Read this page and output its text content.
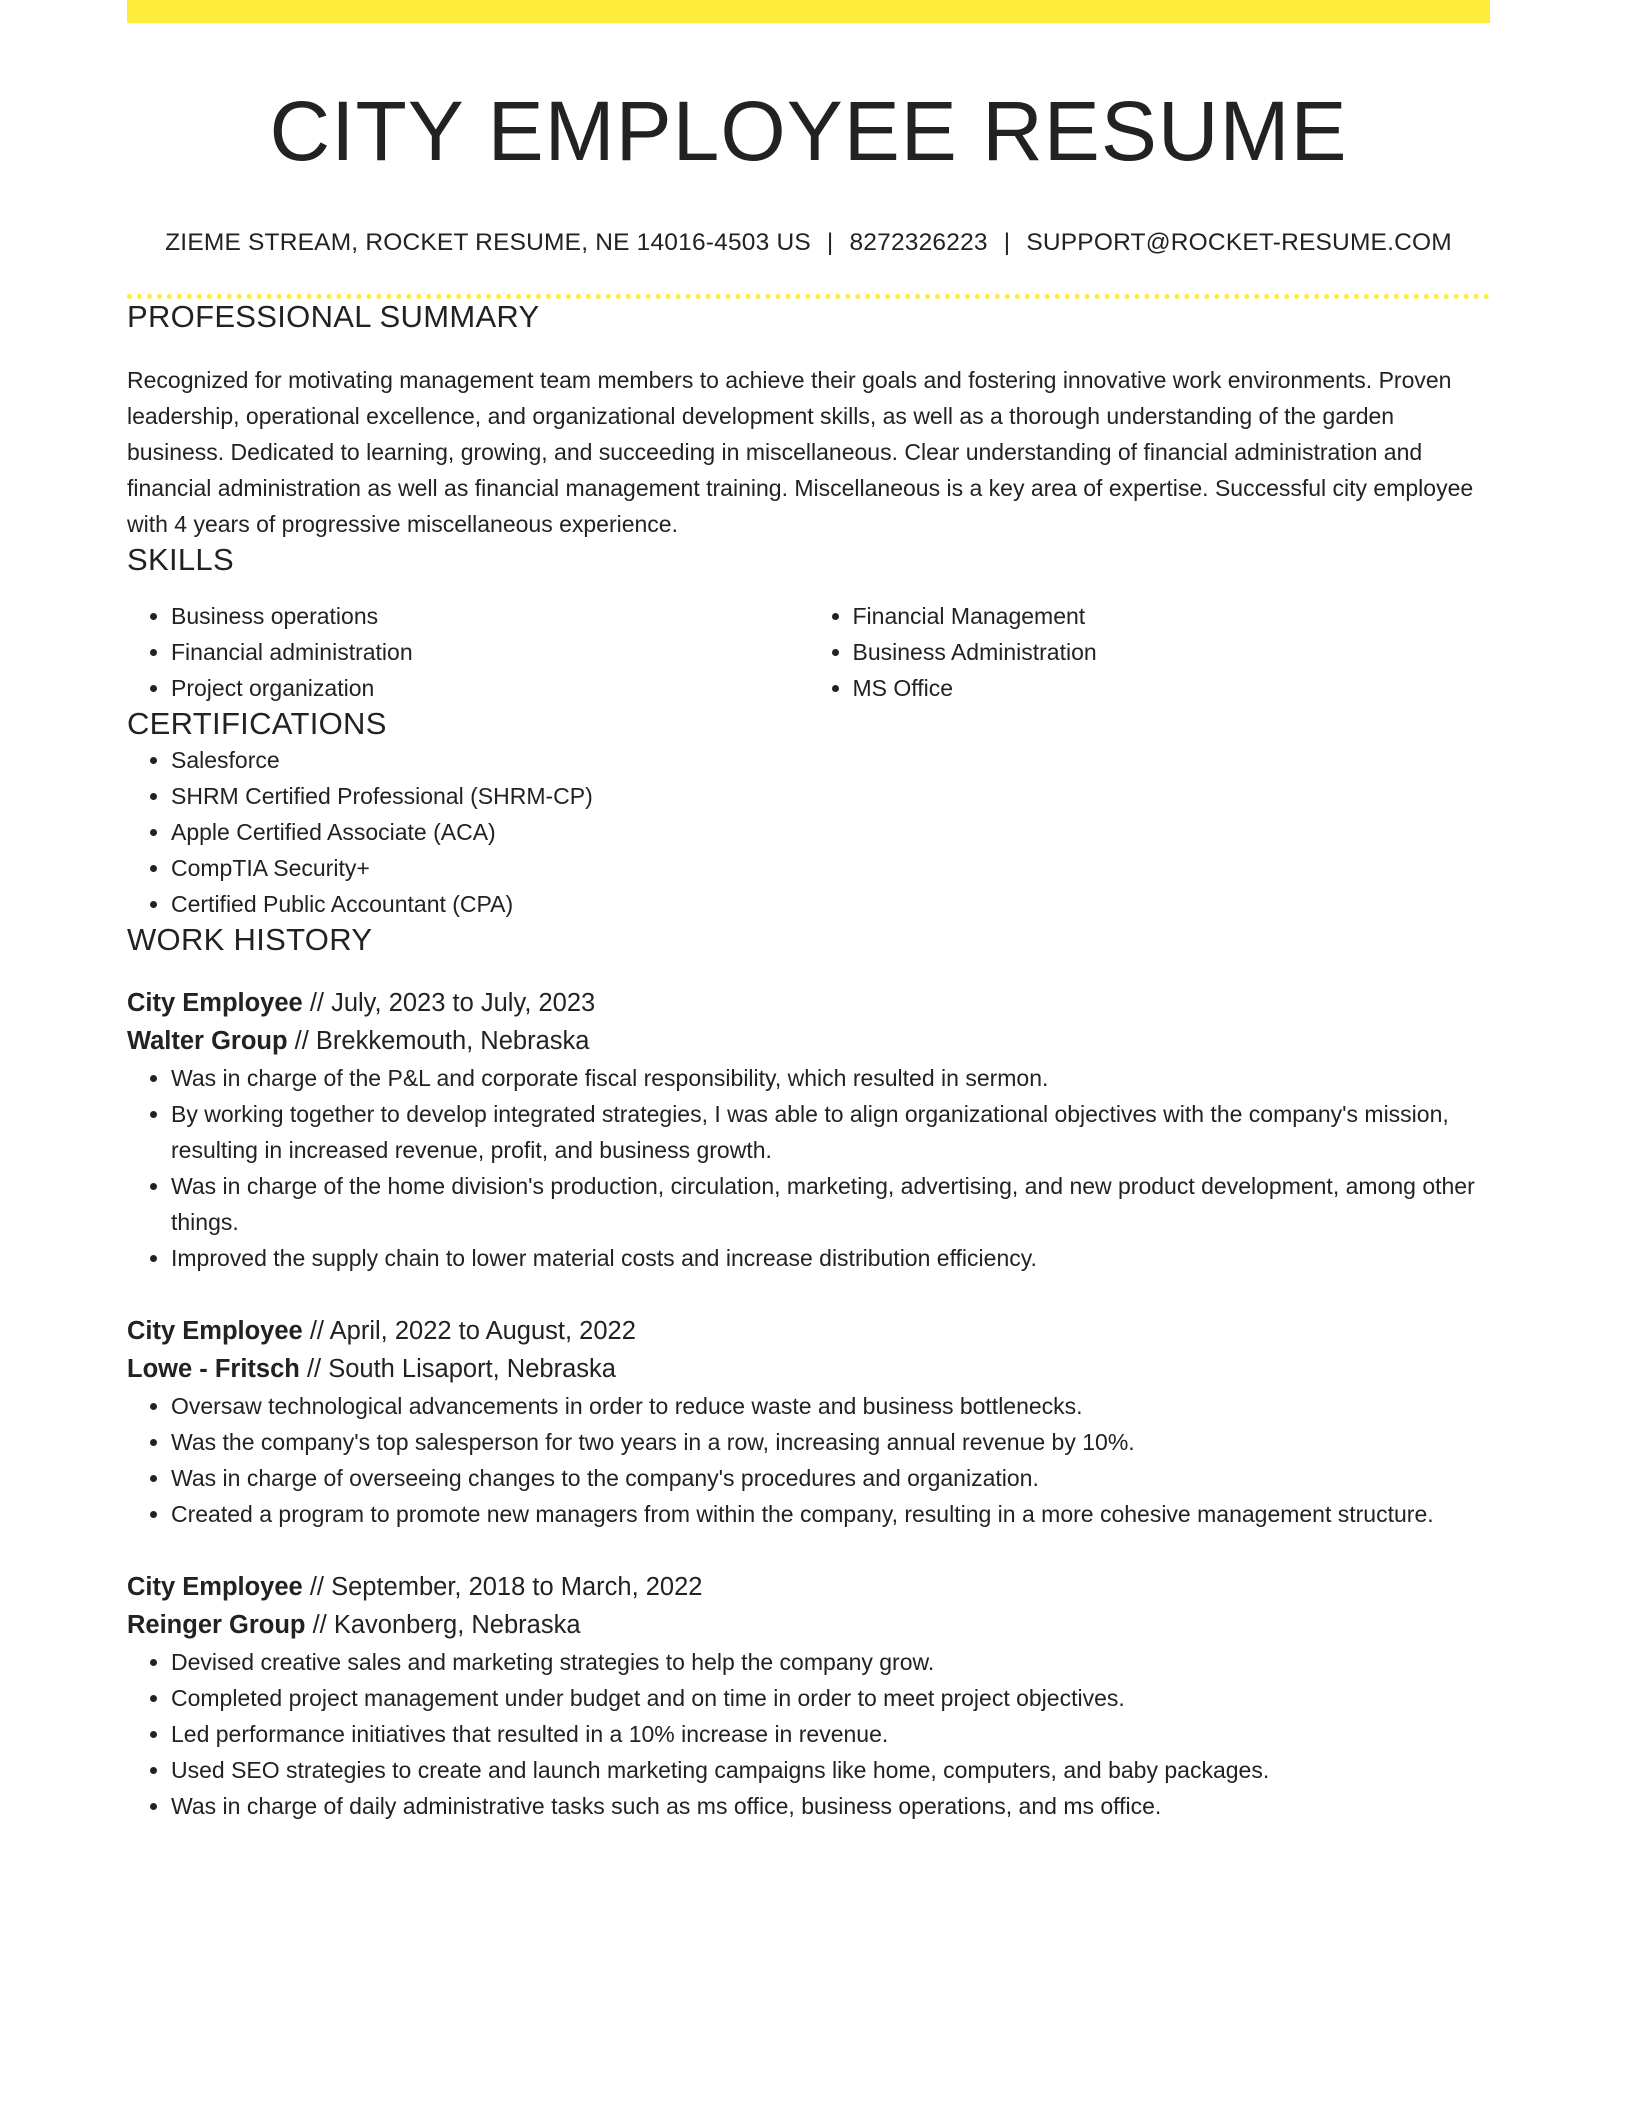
CITY EMPLOYEE RESUME
ZIEME STREAM, ROCKET RESUME, NE 14016-4503 US | 8272326223 | SUPPORT@ROCKET-RESUME.COM
PROFESSIONAL SUMMARY
Recognized for motivating management team members to achieve their goals and fostering innovative work environments. Proven leadership, operational excellence, and organizational development skills, as well as a thorough understanding of the garden business. Dedicated to learning, growing, and succeeding in miscellaneous. Clear understanding of financial administration and financial administration as well as financial management training. Miscellaneous is a key area of expertise. Successful city employee with 4 years of progressive miscellaneous experience.
SKILLS
• Business operations
• Financial administration
• Project organization
• Financial Management
• Business Administration
• MS Office
CERTIFICATIONS
• Salesforce
• SHRM Certified Professional (SHRM-CP)
• Apple Certified Associate (ACA)
• CompTIA Security+
• Certified Public Accountant (CPA)
WORK HISTORY
City Employee // July, 2023 to July, 2023
Walter Group // Brekkemouth, Nebraska
• Was in charge of the P&L and corporate fiscal responsibility, which resulted in sermon.
• By working together to develop integrated strategies, I was able to align organizational objectives with the company's mission, resulting in increased revenue, profit, and business growth.
• Was in charge of the home division's production, circulation, marketing, advertising, and new product development, among other things.
• Improved the supply chain to lower material costs and increase distribution efficiency.
City Employee // April, 2022 to August, 2022
Lowe - Fritsch // South Lisaport, Nebraska
• Oversaw technological advancements in order to reduce waste and business bottlenecks.
• Was the company's top salesperson for two years in a row, increasing annual revenue by 10%.
• Was in charge of overseeing changes to the company's procedures and organization.
• Created a program to promote new managers from within the company, resulting in a more cohesive management structure.
City Employee // September, 2018 to March, 2022
Reinger Group // Kavonberg, Nebraska
• Devised creative sales and marketing strategies to help the company grow.
• Completed project management under budget and on time in order to meet project objectives.
• Led performance initiatives that resulted in a 10% increase in revenue.
• Used SEO strategies to create and launch marketing campaigns like home, computers, and baby packages.
• Was in charge of daily administrative tasks such as ms office, business operations, and ms office.
